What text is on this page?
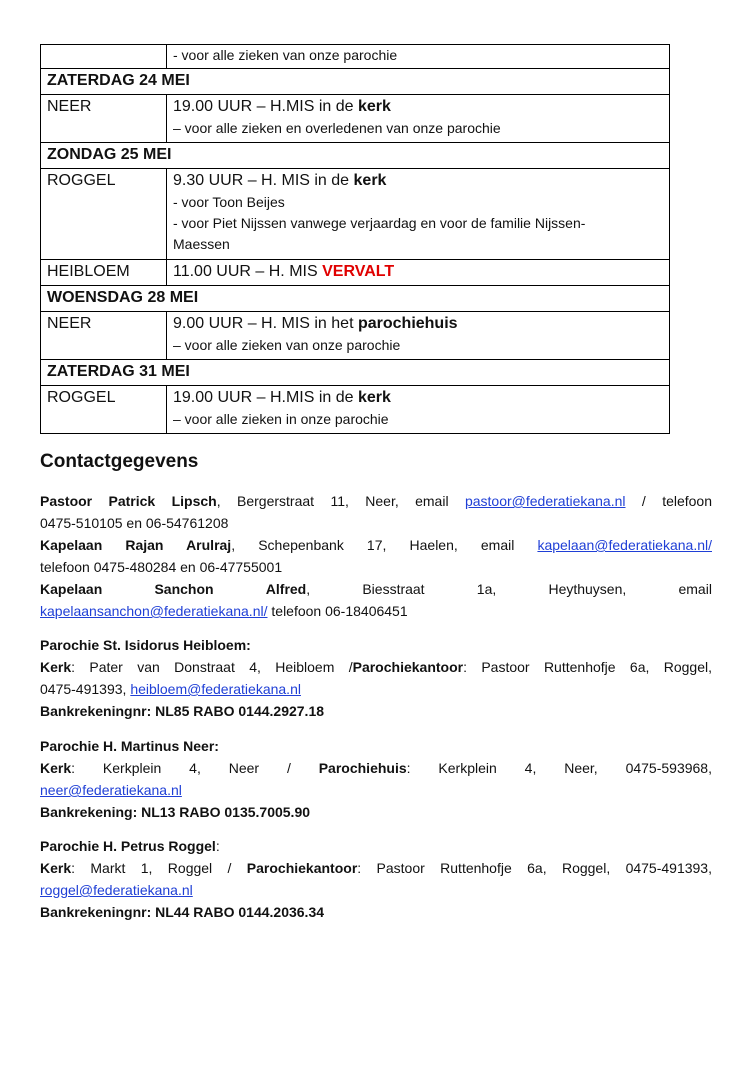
	- voor alle zieken van onze parochie

ZATERDAG 24 MEI	
NEER	19.00 UUR – H.MIS in de kerk
– voor alle zieken en overledenen van onze parochie

ZONDAG 25 MEI	
ROGGEL	9.30 UUR – H. MIS in de kerk
- voor Toon Beijes
- voor Piet Nijssen vanwege verjaardag en voor de familie Nijssen-
Maessen

HEIBLOEM	11.00 UUR – H. MIS VERVALT

WOENSDAG 28 MEI	
NEER	9.00 UUR – H. MIS in het parochiehuis
– voor alle zieken van onze parochie

ZATERDAG 31 MEI	
ROGGEL	19.00 UUR – H.MIS in de kerk
– voor alle zieken in onze parochie
Contactgegevens

Pastoor Patrick Lipsch, Bergerstraat 11, Neer, email pastoor@federatiekana.nl / telefoon

0475-510105 en 06-54761208

Kapelaan Rajan Arulraj, Schepenbank 17, Haelen, email kapelaan@federatiekana.nl/

telefoon 0475-480284 en 06-47755001

Kapelaan	Sanchon	Alfred,	Biesstraat	1a,	Heythuysen,	email

kapelaansanchon@federatiekana.nl/ telefoon 06-18406451

Parochie St. Isidorus Heibloem:

Kerk: Pater van Donstraat 4, Heibloem /Parochiekantoor: Pastoor Ruttenhofje 6a, Roggel,

0475-491393, heibloem@federatiekana.nl

Bankrekeningnr: NL85 RABO 0144.2927.18

Parochie H. Martinus Neer:

Kerk: Kerkplein 4, Neer / Parochiehuis: Kerkplein 4, Neer, 0475-593968,

neer@federatiekana.nl

Bankrekening: NL13 RABO 0135.7005.90

Parochie H. Petrus Roggel:

Kerk: Markt 1, Roggel / Parochiekantoor: Pastoor Ruttenhofje 6a, Roggel, 0475-491393,

roggel@federatiekana.nl

Bankrekeningnr: NL44 RABO 0144.2036.34
